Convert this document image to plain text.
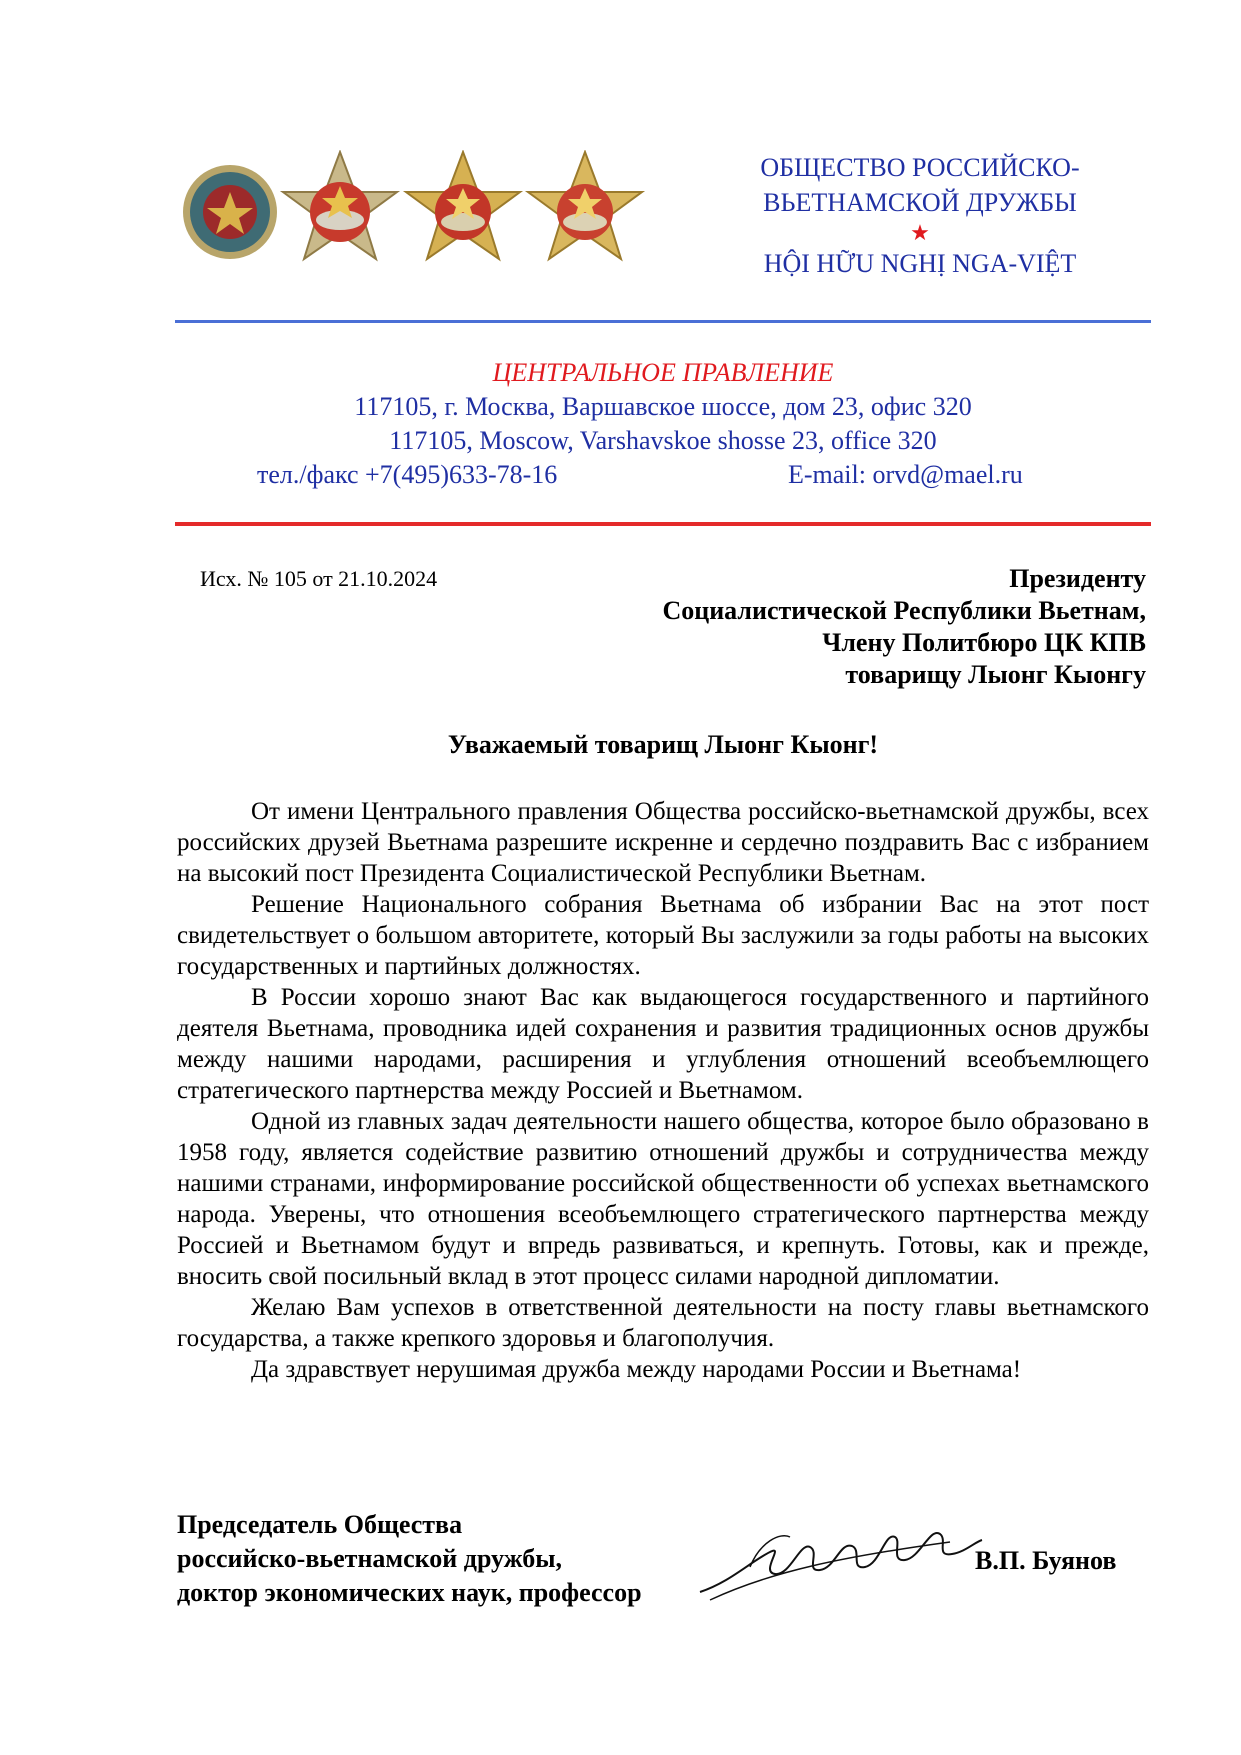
ОБЩЕСТВО РОССИЙСКО-
ВЬЕТНАМСКОЙ ДРУЖБЫ
★
HỘI HỮU NGHỊ NGA-VIỆT
ЦЕНТРАЛЬНОЕ ПРАВЛЕНИЕ
117105, г. Москва, Варшавское шоссе, дом 23, офис 320
117105, Moscow, Varshavskoe shosse 23, office 320
тел./факс +7(495)633-78-16	E-mail: orvd@mael.ru
Исх. № 105 от 21.10.2024	Президенту
Социалистической Республики Вьетнам,
Члену Политбюро ЦК КПВ
товарищу Лыонг Кыонгу
Уважаемый товарищ Лыонг Кыонг!

От имени Центрального правления Общества российско-вьетнамской дружбы, всех российских друзей Вьетнама разрешите искренне и сердечно поздравить Вас с избранием на высокий пост Президента Социалистической Республики Вьетнам.

Решение Национального собрания Вьетнама об избрании Вас на этот пост свидетельствует о большом авторитете, который Вы заслужили за годы работы на высоких государственных и партийных должностях.

В России хорошо знают Вас как выдающегося государственного и партийного деятеля Вьетнама, проводника идей сохранения и развития традиционных основ дружбы между нашими народами, расширения и углубления отношений всеобъемлющего стратегического партнерства между Россией и Вьетнамом.

Одной из главных задач деятельности нашего общества, которое было образовано в 1958 году, является содействие развитию отношений дружбы и сотрудничества между нашими странами, информирование российской общественности об успехах вьетнамского народа. Уверены, что отношения всеобъемлющего стратегического партнерства между Россией и Вьетнамом будут и впредь развиваться, и крепнуть. Готовы, как и прежде, вносить свой посильный вклад в этот процесс силами народной дипломатии.

Желаю Вам успехов в ответственной деятельности на посту главы вьетнамского государства, а также крепкого здоровья и благополучия.

Да здравствует нерушимая дружба между народами России и Вьетнама!

Председатель Общества
российско-вьетнамской дружбы,
доктор экономических наук, профессор
В.П. Буянов
